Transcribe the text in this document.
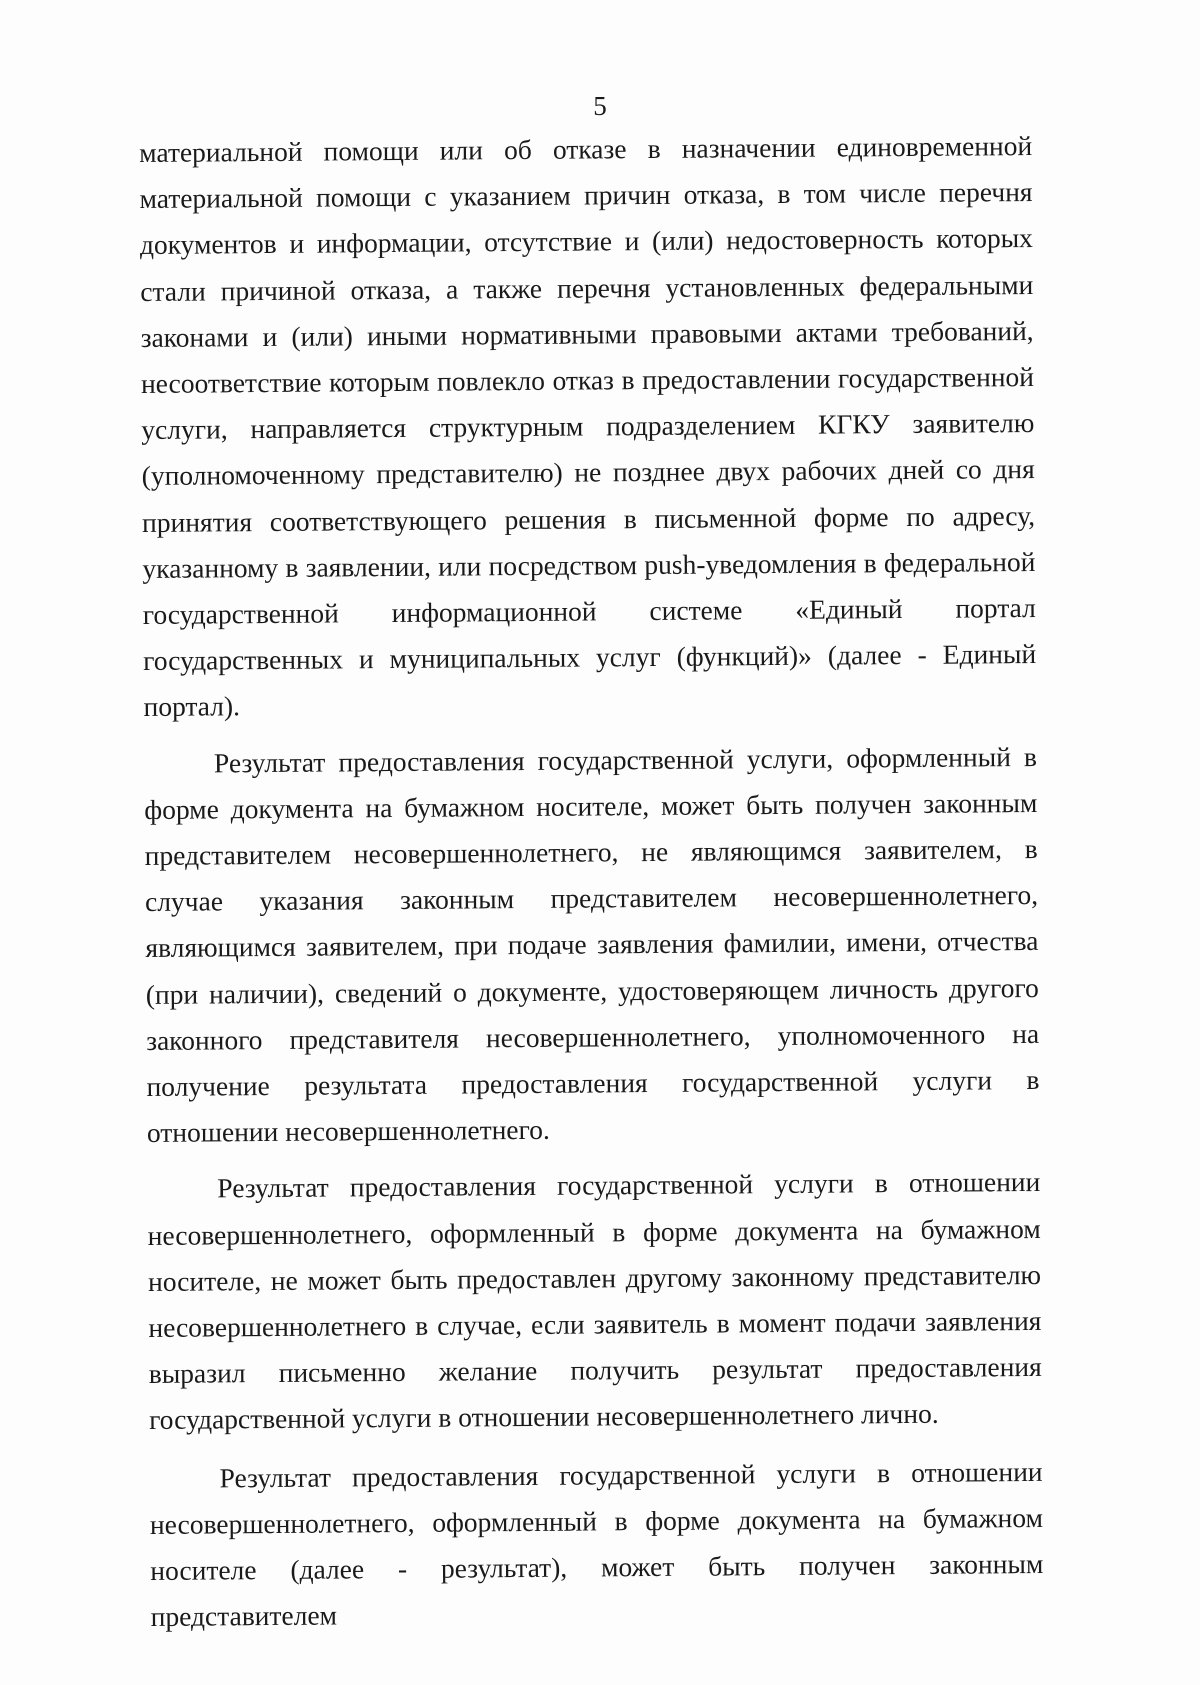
5

материальной помощи или об отказе в назначении единовременной материальной помощи с указанием причин отказа, в том числе перечня документов и информации, отсутствие и (или) недостоверность которых стали причиной отказа, а также перечня установленных федеральными законами и (или) иными нормативными правовыми актами требований, несоответствие которым повлекло отказ в предоставлении государственной услуги, направляется структурным подразделением КГКУ заявителю (уполномоченному представителю) не позднее двух рабочих дней со дня принятия соответствующего решения в письменной форме по адресу, указанному в заявлении, или посредством push-уведомления в федеральной государственной информационной системе «Единый портал государственных и муниципальных услуг (функций)» (далее - Единый портал).

Результат предоставления государственной услуги, оформленный в форме документа на бумажном носителе, может быть получен законным представителем несовершеннолетнего, не являющимся заявителем, в случае указания законным представителем несовершеннолетнего, являющимся заявителем, при подаче заявления фамилии, имени, отчества (при наличии), сведений о документе, удостоверяющем личность другого законного представителя несовершеннолетнего, уполномоченного на получение результата предоставления государственной услуги в отношении несовершеннолетнего.

Результат предоставления государственной услуги в отношении несовершеннолетнего, оформленный в форме документа на бумажном носителе, не может быть предоставлен другому законному представителю несовершеннолетнего в случае, если заявитель в момент подачи заявления выразил письменно желание получить результат предоставления государственной услуги в отношении несовершеннолетнего лично.

Результат предоставления государственной услуги в отношении несовершеннолетнего, оформленный в форме документа на бумажном носителе (далее - результат), может быть получен законным представителем
